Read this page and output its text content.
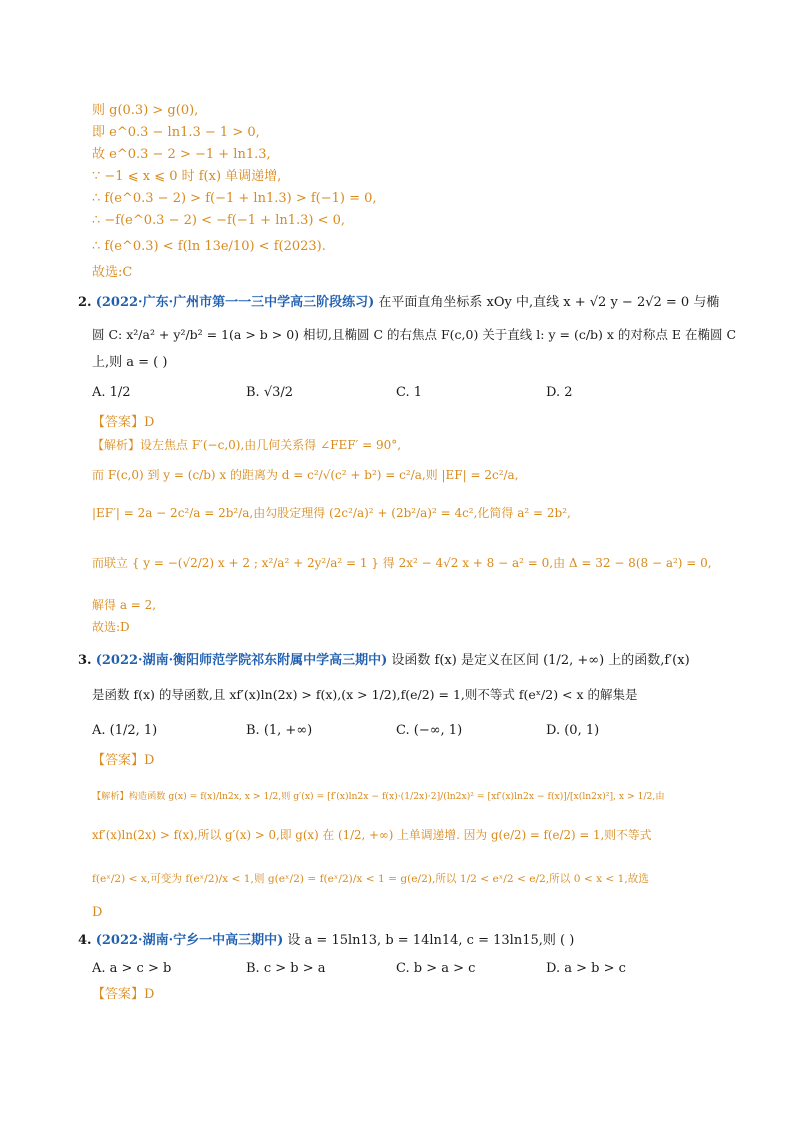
则 g(0.3) > g(0),
即 e^0.3 − ln1.3 − 1 > 0,
故 e^0.3 − 2 > −1 + ln1.3,
∵ −1 ⩽ x ⩽ 0 时 f(x) 单调递增,
∴ f(e^0.3 − 2) > f(−1 + ln1.3) > f(−1) = 0,
∴ −f(e^0.3 − 2) < −f(−1 + ln1.3) < 0,
∴ f(e^0.3) < f(ln 13e/10) < f(2023).
故选:C
2. (2022·广东·广州市第一一三中学高三阶段练习) 在平面直角坐标系 xOy 中,直线 x + √2 y − 2√2 = 0 与椭
圆 C: x²/a² + y²/b² = 1(a > b > 0) 相切,且椭圆 C 的右焦点 F(c,0) 关于直线 l: y = (c/b) x 的对称点 E 在椭圆 C
上,则 a = ( )
A. 1/2	B. √3/2	C. 1	D. 2
【答案】D
【解析】设左焦点 F′(−c,0),由几何关系得 ∠FEF′ = 90°,
而 F(c,0) 到 y = (c/b) x 的距离为 d = c²/√(c² + b²) = c²/a,则 |EF| = 2c²/a,
|EF′| = 2a − 2c²/a = 2b²/a,由勾股定理得 (2c²/a)² + (2b²/a)² = 4c²,化简得 a² = 2b²,
而联立 { y = −(√2/2) x + 2 ; x²/a² + 2y²/a² = 1 } 得 2x² − 4√2 x + 8 − a² = 0,由 Δ = 32 − 8(8 − a²) = 0,
解得 a = 2,
故选:D
3. (2022·湖南·衡阳师范学院祁东附属中学高三期中) 设函数 f(x) 是定义在区间 (1/2, +∞) 上的函数,f′(x)
是函数 f(x) 的导函数,且 xf′(x)ln(2x) > f(x),(x > 1/2),f(e/2) = 1,则不等式 f(eˣ/2) < x 的解集是
A. (1/2, 1)	B. (1, +∞)	C. (−∞, 1)	D. (0, 1)
【答案】D
【解析】构造函数 g(x) = f(x)/ln2x, x > 1/2,则 g′(x) = [f′(x)ln2x − f(x)·(1/2x)·2]/(ln2x)² = [xf′(x)ln2x − f(x)]/[x(ln2x)²], x > 1/2,由
xf′(x)ln(2x) > f(x),所以 g′(x) > 0,即 g(x) 在 (1/2, +∞) 上单调递增. 因为 g(e/2) = f(e/2) = 1,则不等式
f(eˣ/2) < x,可变为 f(eˣ/2)/x < 1,则 g(eˣ/2) = f(eˣ/2)/x < 1 = g(e/2),所以 1/2 < eˣ/2 < e/2,所以 0 < x < 1,故选
D
4. (2022·湖南·宁乡一中高三期中) 设 a = 15ln13, b = 14ln14, c = 13ln15,则 ( )
A. a > c > b	B. c > b > a	C. b > a > c	D. a > b > c
【答案】D
